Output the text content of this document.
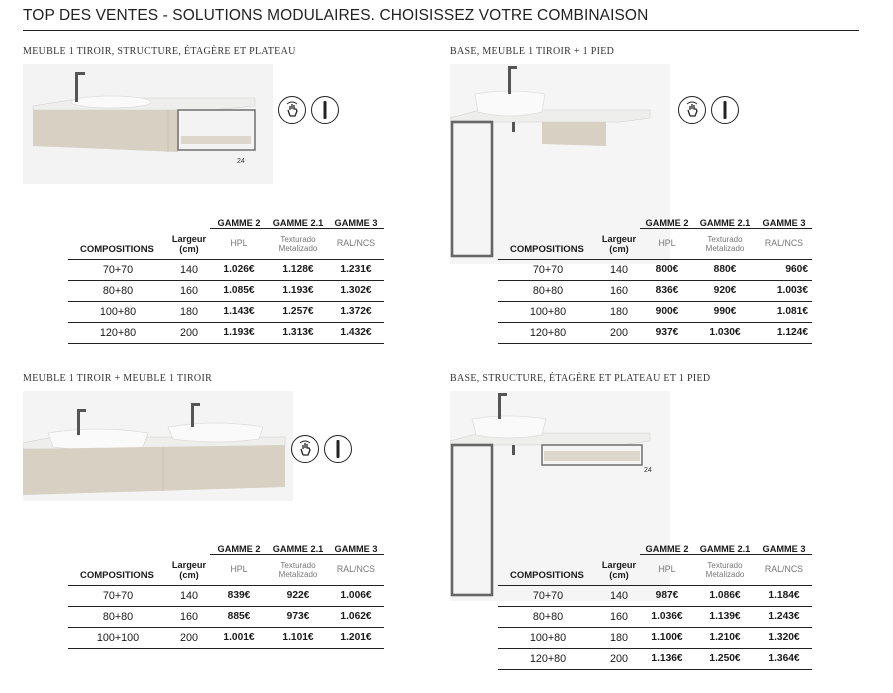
TOP DES VENTES - SOLUTIONS MODULAIRES. CHOISISSEZ VOTRE COMBINAISON
MEUBLE 1 TIROIR, STRUCTURE, ÉTAGÈRE ET PLATEAU
24
		GAMME 2	GAMME 2.1	GAMME 3
COMPOSITIONS	Largeur
(cm)	HPL	Texturado
Metalizado	RAL/NCS
70+70	140	1.026€	1.128€	1.231€
80+80	160	1.085€	1.193€	1.302€
100+80	180	1.143€	1.257€	1.372€
120+80	200	1.193€	1.313€	1.432€
BASE, MEUBLE 1 TIROIR + 1 PIED
		GAMME 2	GAMME 2.1	GAMME 3
COMPOSITIONS	Largeur
(cm)	HPL	Texturado
Metalizado	RAL/NCS
70+70	140	800€	880€	960€
80+80	160	836€	920€	1.003€
100+80	180	900€	990€	1.081€
120+80	200	937€	1.030€	1.124€
MEUBLE 1 TIROIR + MEUBLE 1 TIROIR
		GAMME 2	GAMME 2.1	GAMME 3
COMPOSITIONS	Largeur
(cm)	HPL	Texturado
Metalizado	RAL/NCS
70+70	140	839€	922€	1.006€
80+80	160	885€	973€	1.062€
100+100	200	1.001€	1.101€	1.201€
BASE, STRUCTURE, ÉTAGÈRE ET PLATEAU ET 1 PIED
24
		GAMME 2	GAMME 2.1	GAMME 3
COMPOSITIONS	Largeur
(cm)	HPL	Texturado
Metalizado	RAL/NCS
70+70	140	987€	1.086€	1.184€
80+80	160	1.036€	1.139€	1.243€
100+80	180	1.100€	1.210€	1.320€
120+80	200	1.136€	1.250€	1.364€
